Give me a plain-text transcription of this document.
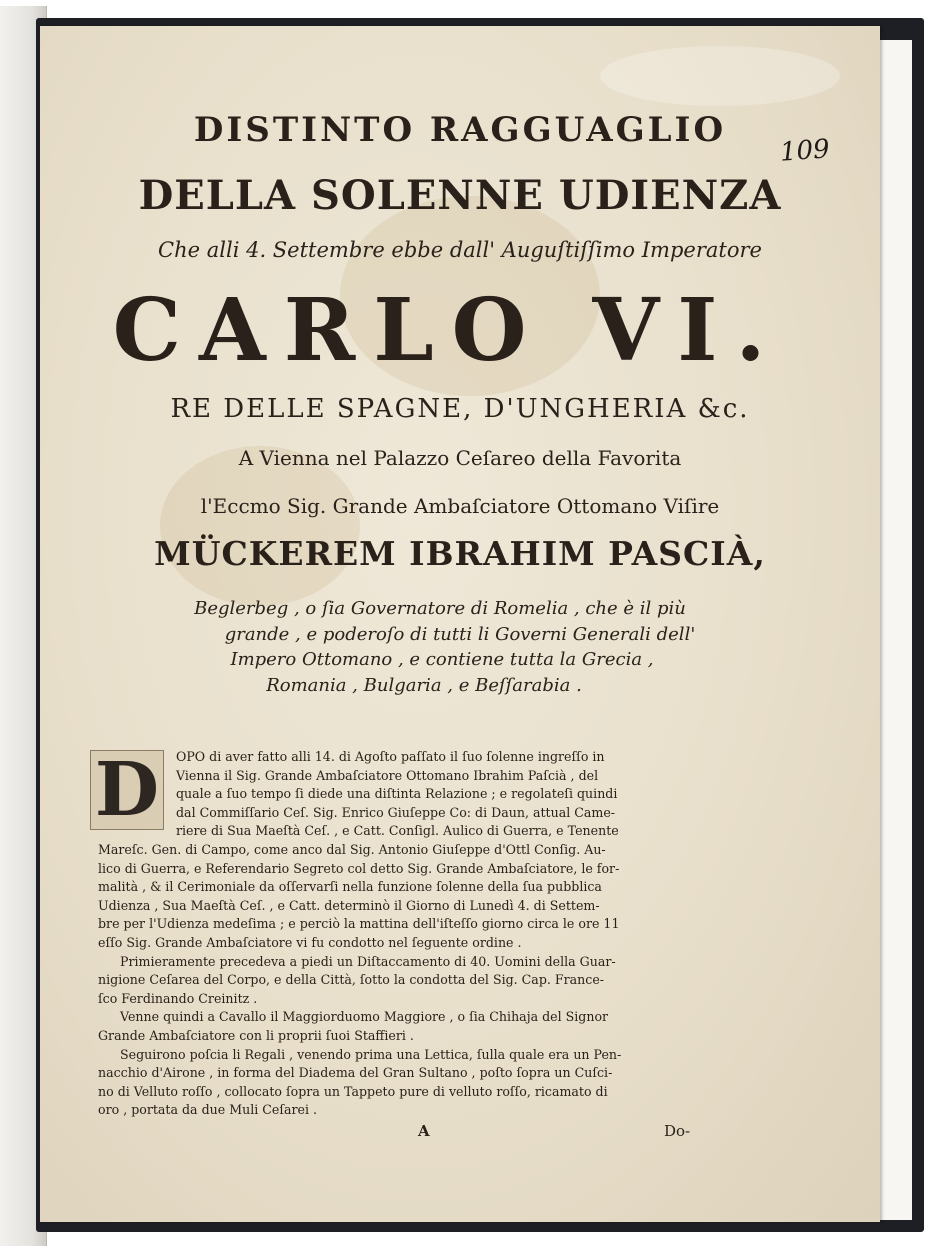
109
DISTINTO RAGGUAGLIO
DELLA SOLENNE UDIENZA
Che alli 4. Settembre ebbe dall' Auguſtiſſimo Imperatore
CARLO VI.
RE DELLE SPAGNE, D'UNGHERIA &c.
A Vienna nel Palazzo Ceſareo della Favorita
l'Eccmo Sig. Grande Ambaſciatore Ottomano Viſire
MÜCKEREM IBRAHIM PASCIÀ,
Beglerbeg , o ſia Governatore di Romelia , che è il più
grande , e poderoſo di tutti li Governi Generali dell'
Impero Ottomano , e contiene tutta la Grecia ,
Romania , Bulgaria , e Beſſarabia .
D	OPO di aver fatto alli 14. di Agoſto paſſato il ſuo ſolenne ingreſſo in
Vienna il Sig. Grande Ambaſciatore Ottomano Ibrahim Paſcià , del
quale a ſuo tempo ſi diede una diſtinta Relazione ; e regolateſi quindi
dal Commiſſario Ceſ. Sig. Enrico Giuſeppe Co: di Daun, attual Came-
riere di Sua Maeſtà Ceſ. , e Catt. Conſigl. Aulico di Guerra, e Tenente
Mareſc. Gen. di Campo, come anco dal Sig. Antonio Giuſeppe d'Ottl Conſig. Au-
lico di Guerra, e Referendario Segreto col detto Sig. Grande Ambaſciatore, le for-
malità , & il Cerimoniale da oſſervarſi nella funzione ſolenne della ſua pubblica
Udienza , Sua Maeſtà Ceſ. , e Catt. determinò il Giorno di Lunedì 4. di Settem-
bre per l'Udienza medeſima ; e perciò la mattina dell'iſteſſo giorno circa le ore 11
eſſo Sig. Grande Ambaſciatore vi fu condotto nel ſeguente ordine .
Primieramente precedeva a piedi un Diſtaccamento di 40. Uomini della Guar-
nigione Ceſarea del Corpo, e della Città, ſotto la condotta del Sig. Cap. France-
ſco Ferdinando Creinitz .
Venne quindi a Cavallo il Maggiorduomo Maggiore , o ſia Chihaja del Signor
Grande Ambaſciatore con li proprii ſuoi Staffieri .
Seguirono poſcia li Regali , venendo prima una Lettica, ſulla quale era un Pen-
nacchio d'Airone , in forma del Diadema del Gran Sultano , poſto ſopra un Cuſci-
no di Velluto roſſo , collocato ſopra un Tappeto pure di velluto roſſo, ricamato di
oro , portata da due Muli Ceſarei .
A	Do-
